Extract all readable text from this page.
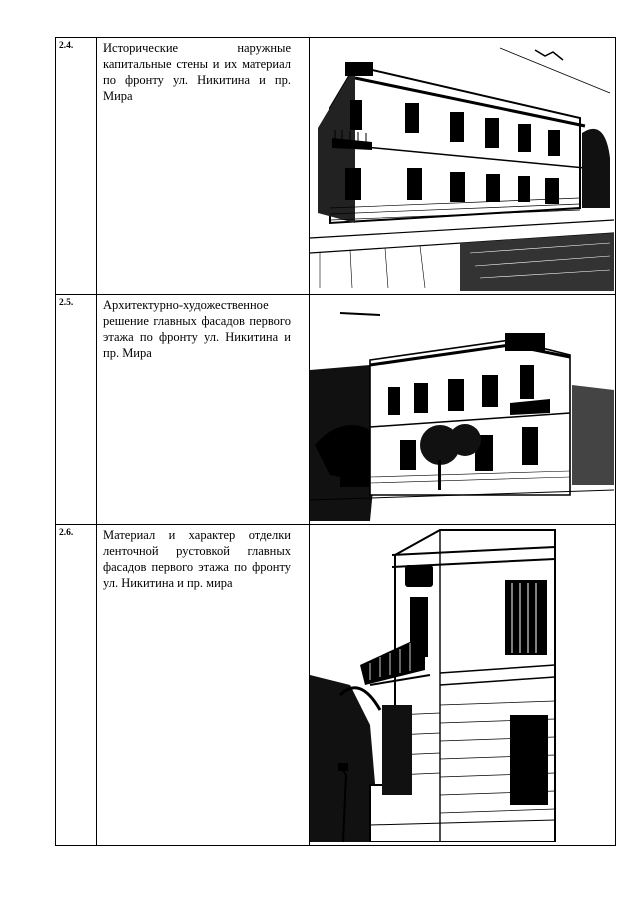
2.4.	Исторические наружные капитальные стены и их материал по фронту ул. Никитина и пр. Мира

2.5.	Архитектурно-художественное решение главных фасадов первого этажа по фронту ул. Никитина и пр. Мира

2.6.	Материал и характер отделки ленточной рустовкой главных фасадов первого этажа по фронту ул. Никитина и пр. мира
